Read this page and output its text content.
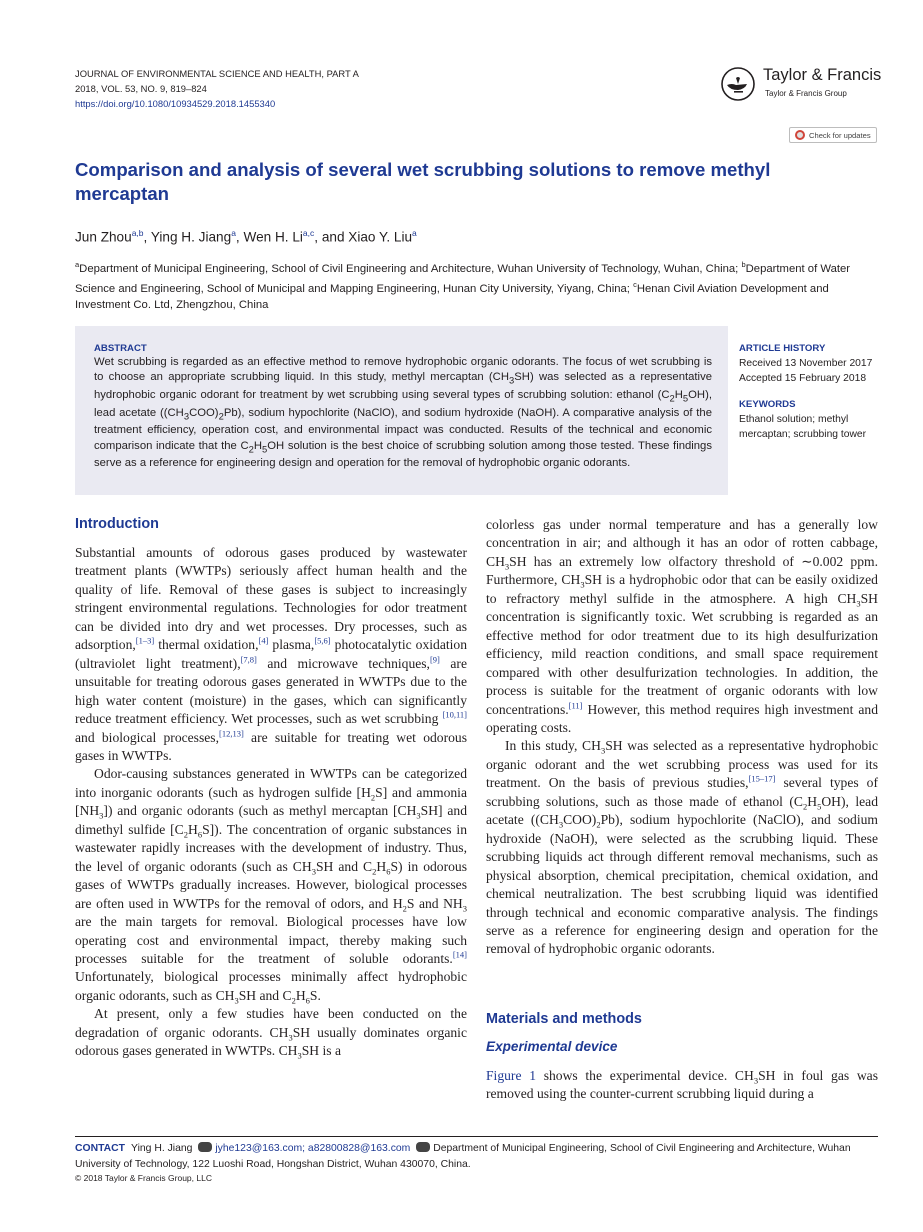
JOURNAL OF ENVIRONMENTAL SCIENCE AND HEALTH, PART A
2018, VOL. 53, NO. 9, 819–824
https://doi.org/10.1080/10934529.2018.1455340
Taylor & Francis
Taylor & Francis Group
Check for updates
Comparison and analysis of several wet scrubbing solutions to remove methyl mercaptan
Jun Zhou$^{a,b}$, Ying H. Jiang$^a$, Wen H. Li$^{a,c}$, and Xiao Y. Liu$^a$
$^a$Department of Municipal Engineering, School of Civil Engineering and Architecture, Wuhan University of Technology, Wuhan, China; $^b$Department of Water Science and Engineering, School of Municipal and Mapping Engineering, Hunan City University, Yiyang, China; $^c$Henan Civil Aviation Development and Investment Co. Ltd, Zhengzhou, China
ABSTRACT
Wet scrubbing is regarded as an effective method to remove hydrophobic organic odorants. The focus of wet scrubbing is to choose an appropriate scrubbing liquid. In this study, methyl mercaptan $(CH_3SH)$ was selected as a representative hydrophobic organic odorant for treatment by wet scrubbing using several types of scrubbing solution: ethanol $(C_2H_5OH)$, lead acetate $((CH_3COO)_2Pb)$, sodium hypochlorite (NaClO), and sodium hydroxide (NaOH). A comparative analysis of the treatment efficiency, operation cost, and environmental impact was conducted. Results of the technical and economic comparison indicate that the $C_2H_5OH$ solution is the best choice of scrubbing solution among those tested. These findings serve as a reference for engineering design and operation for the removal of hydrophobic organic odorants.
ARTICLE HISTORY
Received 13 November 2017
Accepted 15 February 2018
KEYWORDS
Ethanol solution; methyl mercaptan; scrubbing tower
Introduction

Substantial amounts of odorous gases produced by wastewater treatment plants (WWTPs) seriously affect human health and the quality of life. Removal of these gases is subject to increasingly stringent environmental regulations. Technologies for odor treatment can be divided into dry and wet processes. Dry processes, such as adsorption,[1–3] thermal oxidation,[4] plasma,[5,6] photocatalytic oxidation (ultraviolet light treatment),[7,8] and microwave techniques,[9] are unsuitable for treating odorous gases generated in WWTPs due to the high water content (moisture) in the gases, which can significantly reduce treatment efficiency. Wet processes, such as wet scrubbing [10,11] and biological processes,[12,13] are suitable for treating wet odorous gases in WWTPs.

Odor-causing substances generated in WWTPs can be categorized into inorganic odorants (such as hydrogen sulfide $[H_2S]$ and ammonia $[NH_3]$) and organic odorants (such as methyl mercaptan $[CH_3SH]$ and dimethyl sulfide $[C_2H_6S]$). The concentration of organic substances in wastewater rapidly increases with the development of industry. Thus, the level of organic odorants (such as $CH_3SH$ and $C_2H_6S$) in odorous gases of WWTPs gradually increases. However, biological processes are often used in WWTPs for the removal of odors, and $H_2S$ and $NH_3$ are the main targets for removal. Biological processes have low operating cost and environmental impact, thereby making such processes suitable for the treatment of soluble odorants.[14] Unfortunately, biological processes minimally affect hydrophobic organic odorants, such as $CH_3SH$ and $C_2H_6S$.

At present, only a few studies have been conducted on the degradation of organic odorants. $CH_3SH$ usually dominates organic odorous gases generated in WWTPs. $CH_3SH$ is a

colorless gas under normal temperature and has a generally low concentration in air; and although it has an odor of rotten cabbage, $CH_3SH$ has an extremely low olfactory threshold of ∼0.002 ppm. Furthermore, $CH_3SH$ is a hydrophobic odor that can be easily oxidized to refractory methyl sulfide in the atmosphere. A high $CH_3SH$ concentration is significantly toxic. Wet scrubbing is regarded as an effective method for odor treatment due to its high desulfurization efficiency, mild reaction conditions, and small space requirement compared with other desulfurization technologies. In addition, the process is suitable for the treatment of organic odorants with low concentrations.[11] However, this method requires high investment and operating costs.

In this study, $CH_3SH$ was selected as a representative hydrophobic organic odorant and the wet scrubbing process was used for its treatment. On the basis of previous studies,[15–17] several types of scrubbing solutions, such as those made of ethanol $(C_2H_5OH)$, lead acetate $((CH_3COO)_2Pb)$, sodium hypochlorite (NaClO), and sodium hydroxide (NaOH), were selected as the scrubbing liquid. These scrubbing liquids act through different removal mechanisms, such as physical absorption, chemical precipitation, chemical oxidation, and chemical neutralization. The best scrubbing liquid was identified through technical and economic comparative analysis. The findings serve as a reference for engineering design and operation for the removal of hydrophobic organic odorants.

Materials and methods
Experimental device

Figure 1 shows the experimental device. $CH_3SH$ in foul gas was removed using the counter-current scrubbing liquid during a

CONTACT Ying H. Jiang jyhe123@163.com; a82800828@163.com Department of Municipal Engineering, School of Civil Engineering and Architecture, Wuhan University of Technology, 122 Luoshi Road, Hongshan District, Wuhan 430070, China.
© 2018 Taylor & Francis Group, LLC
